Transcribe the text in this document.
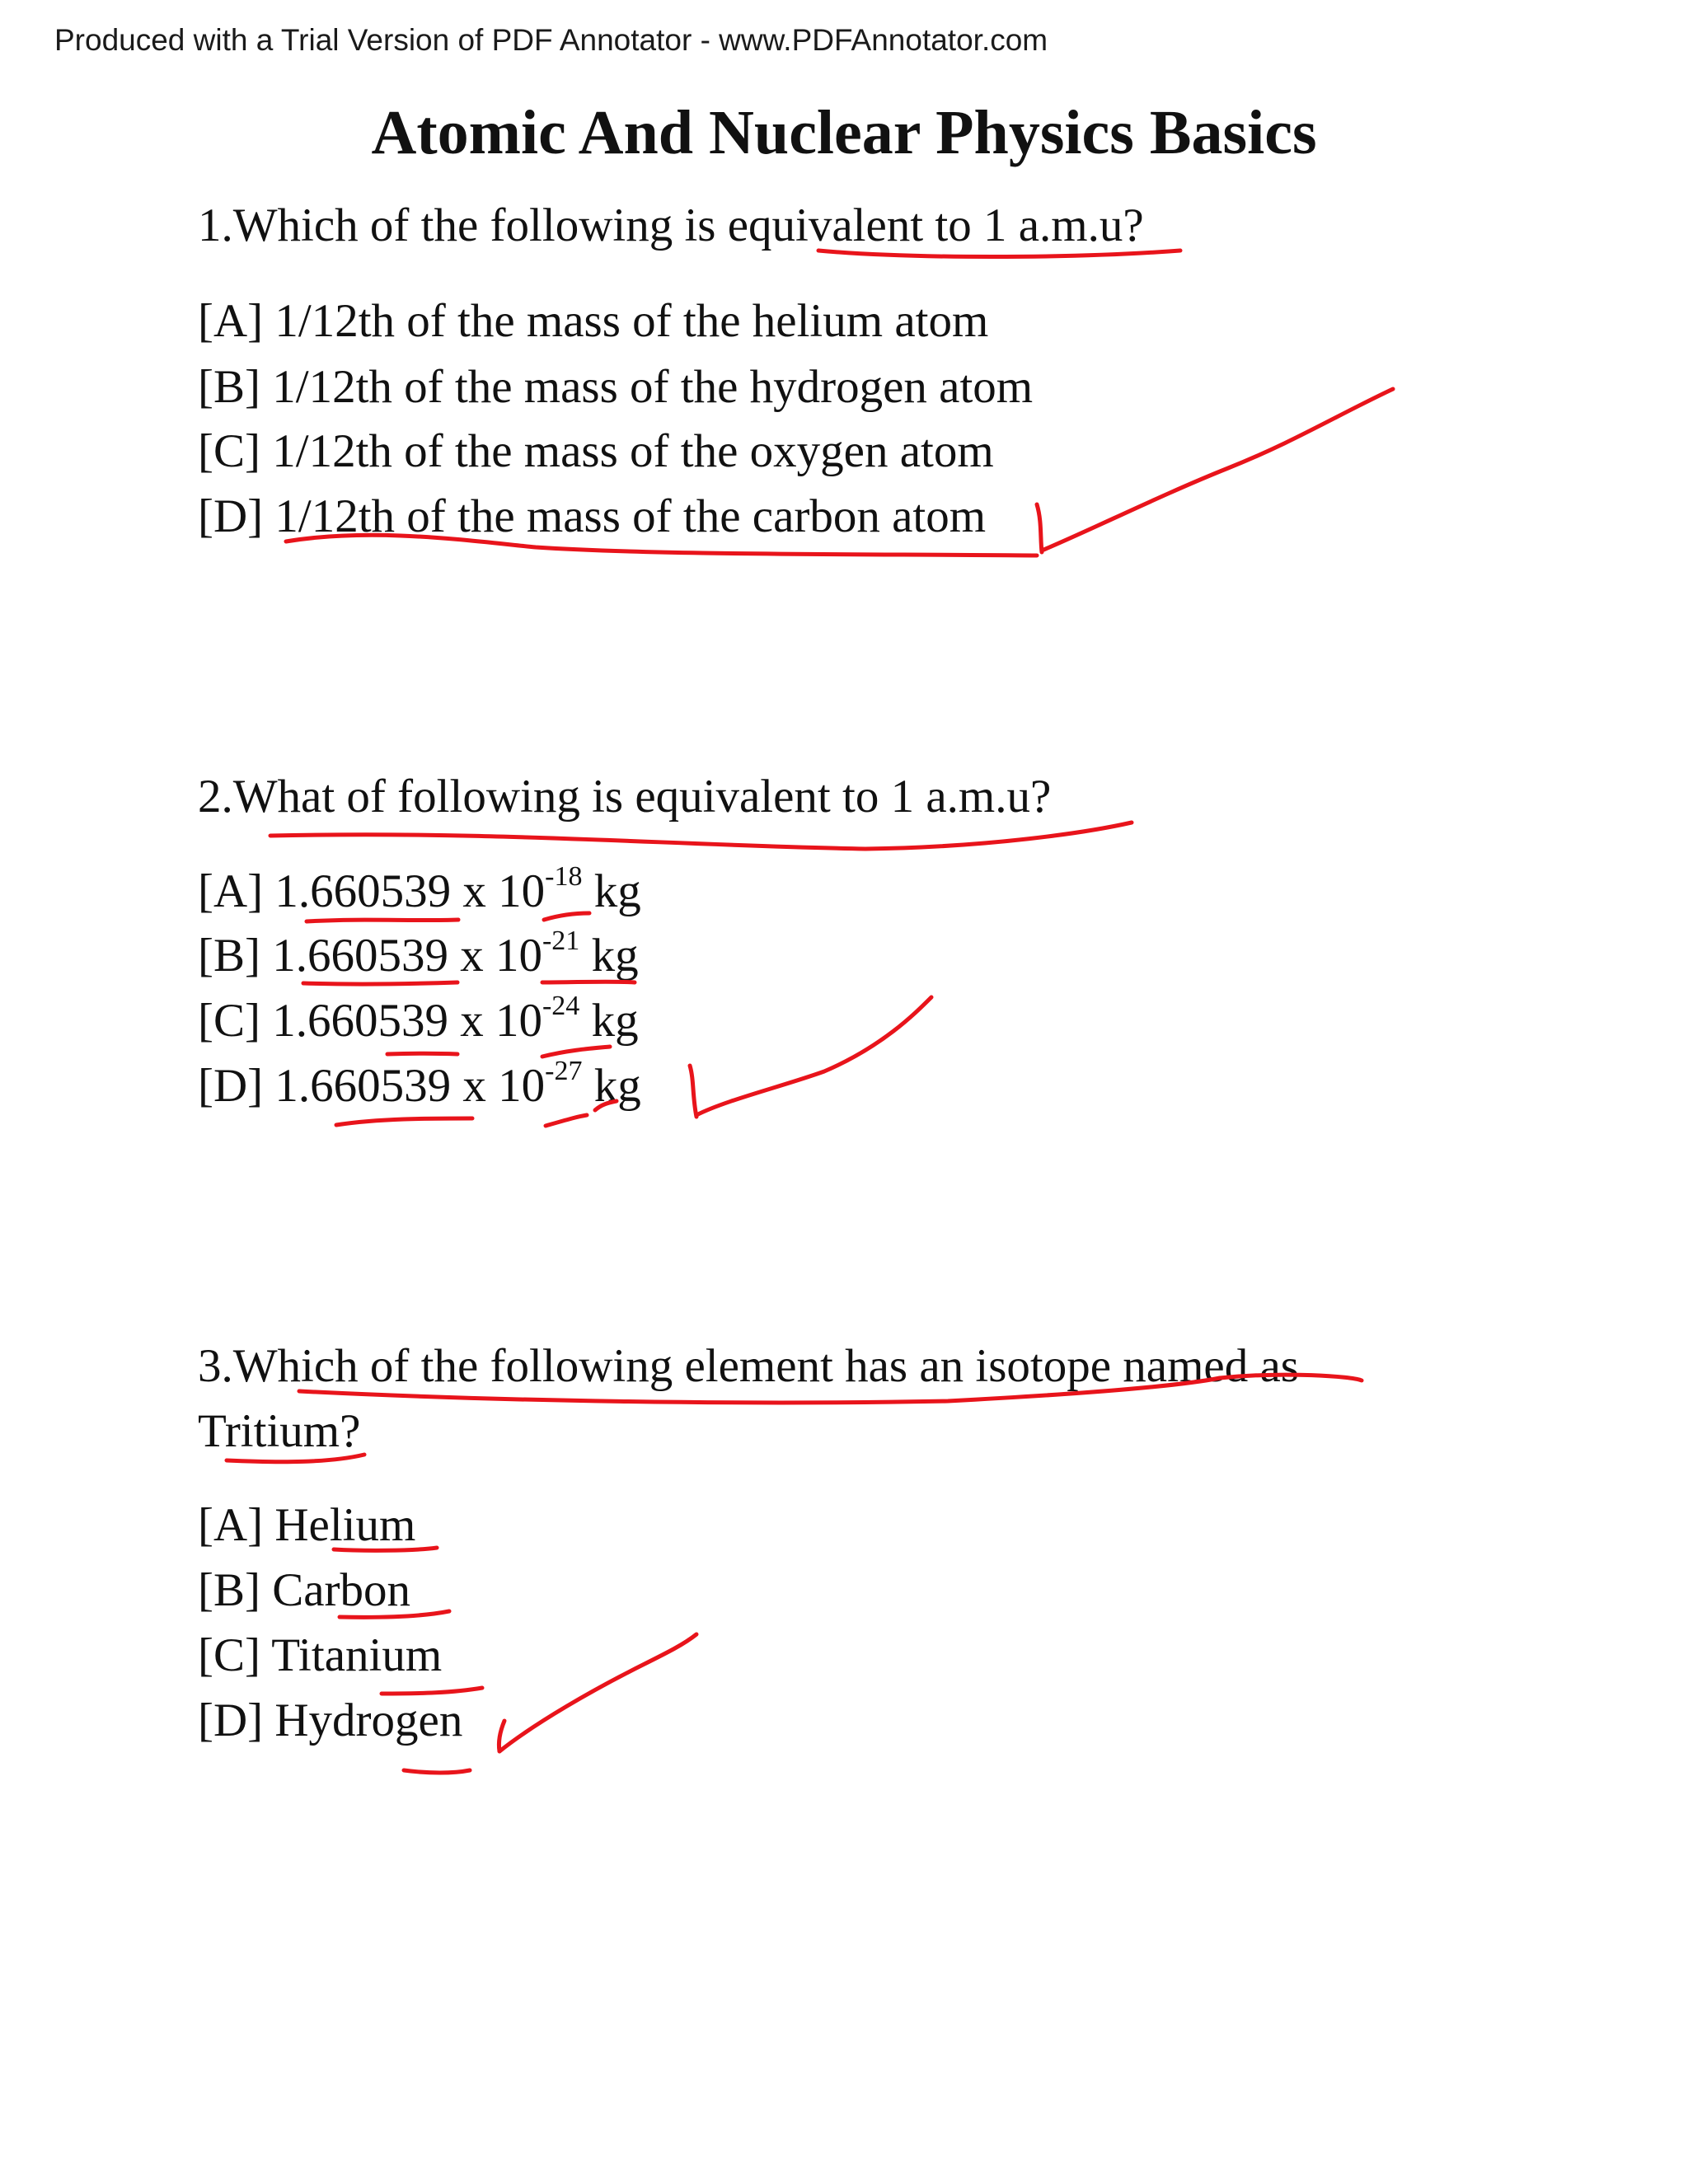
Produced with a Trial Version of PDF Annotator - www.PDFAnnotator.com
Atomic And Nuclear Physics Basics
1.Which of the following is equivalent to 1 a.m.u?
[A] 1/12th of the mass of the helium atom
[B] 1/12th of the mass of the hydrogen atom
[C] 1/12th of the mass of the oxygen atom
[D] 1/12th of the mass of the carbon atom
2.What of following is equivalent to 1 a.m.u?
[A] 1.660539 x $10^{-18}$ kg
[B] 1.660539 x $10^{-21}$ kg
[C] 1.660539 x $10^{-24}$ kg
[D] 1.660539 x $10^{-27}$ kg
3.Which of the following element has an isotope named as
Tritium?
[A] Helium
[B] Carbon
[C] Titanium
[D] Hydrogen
